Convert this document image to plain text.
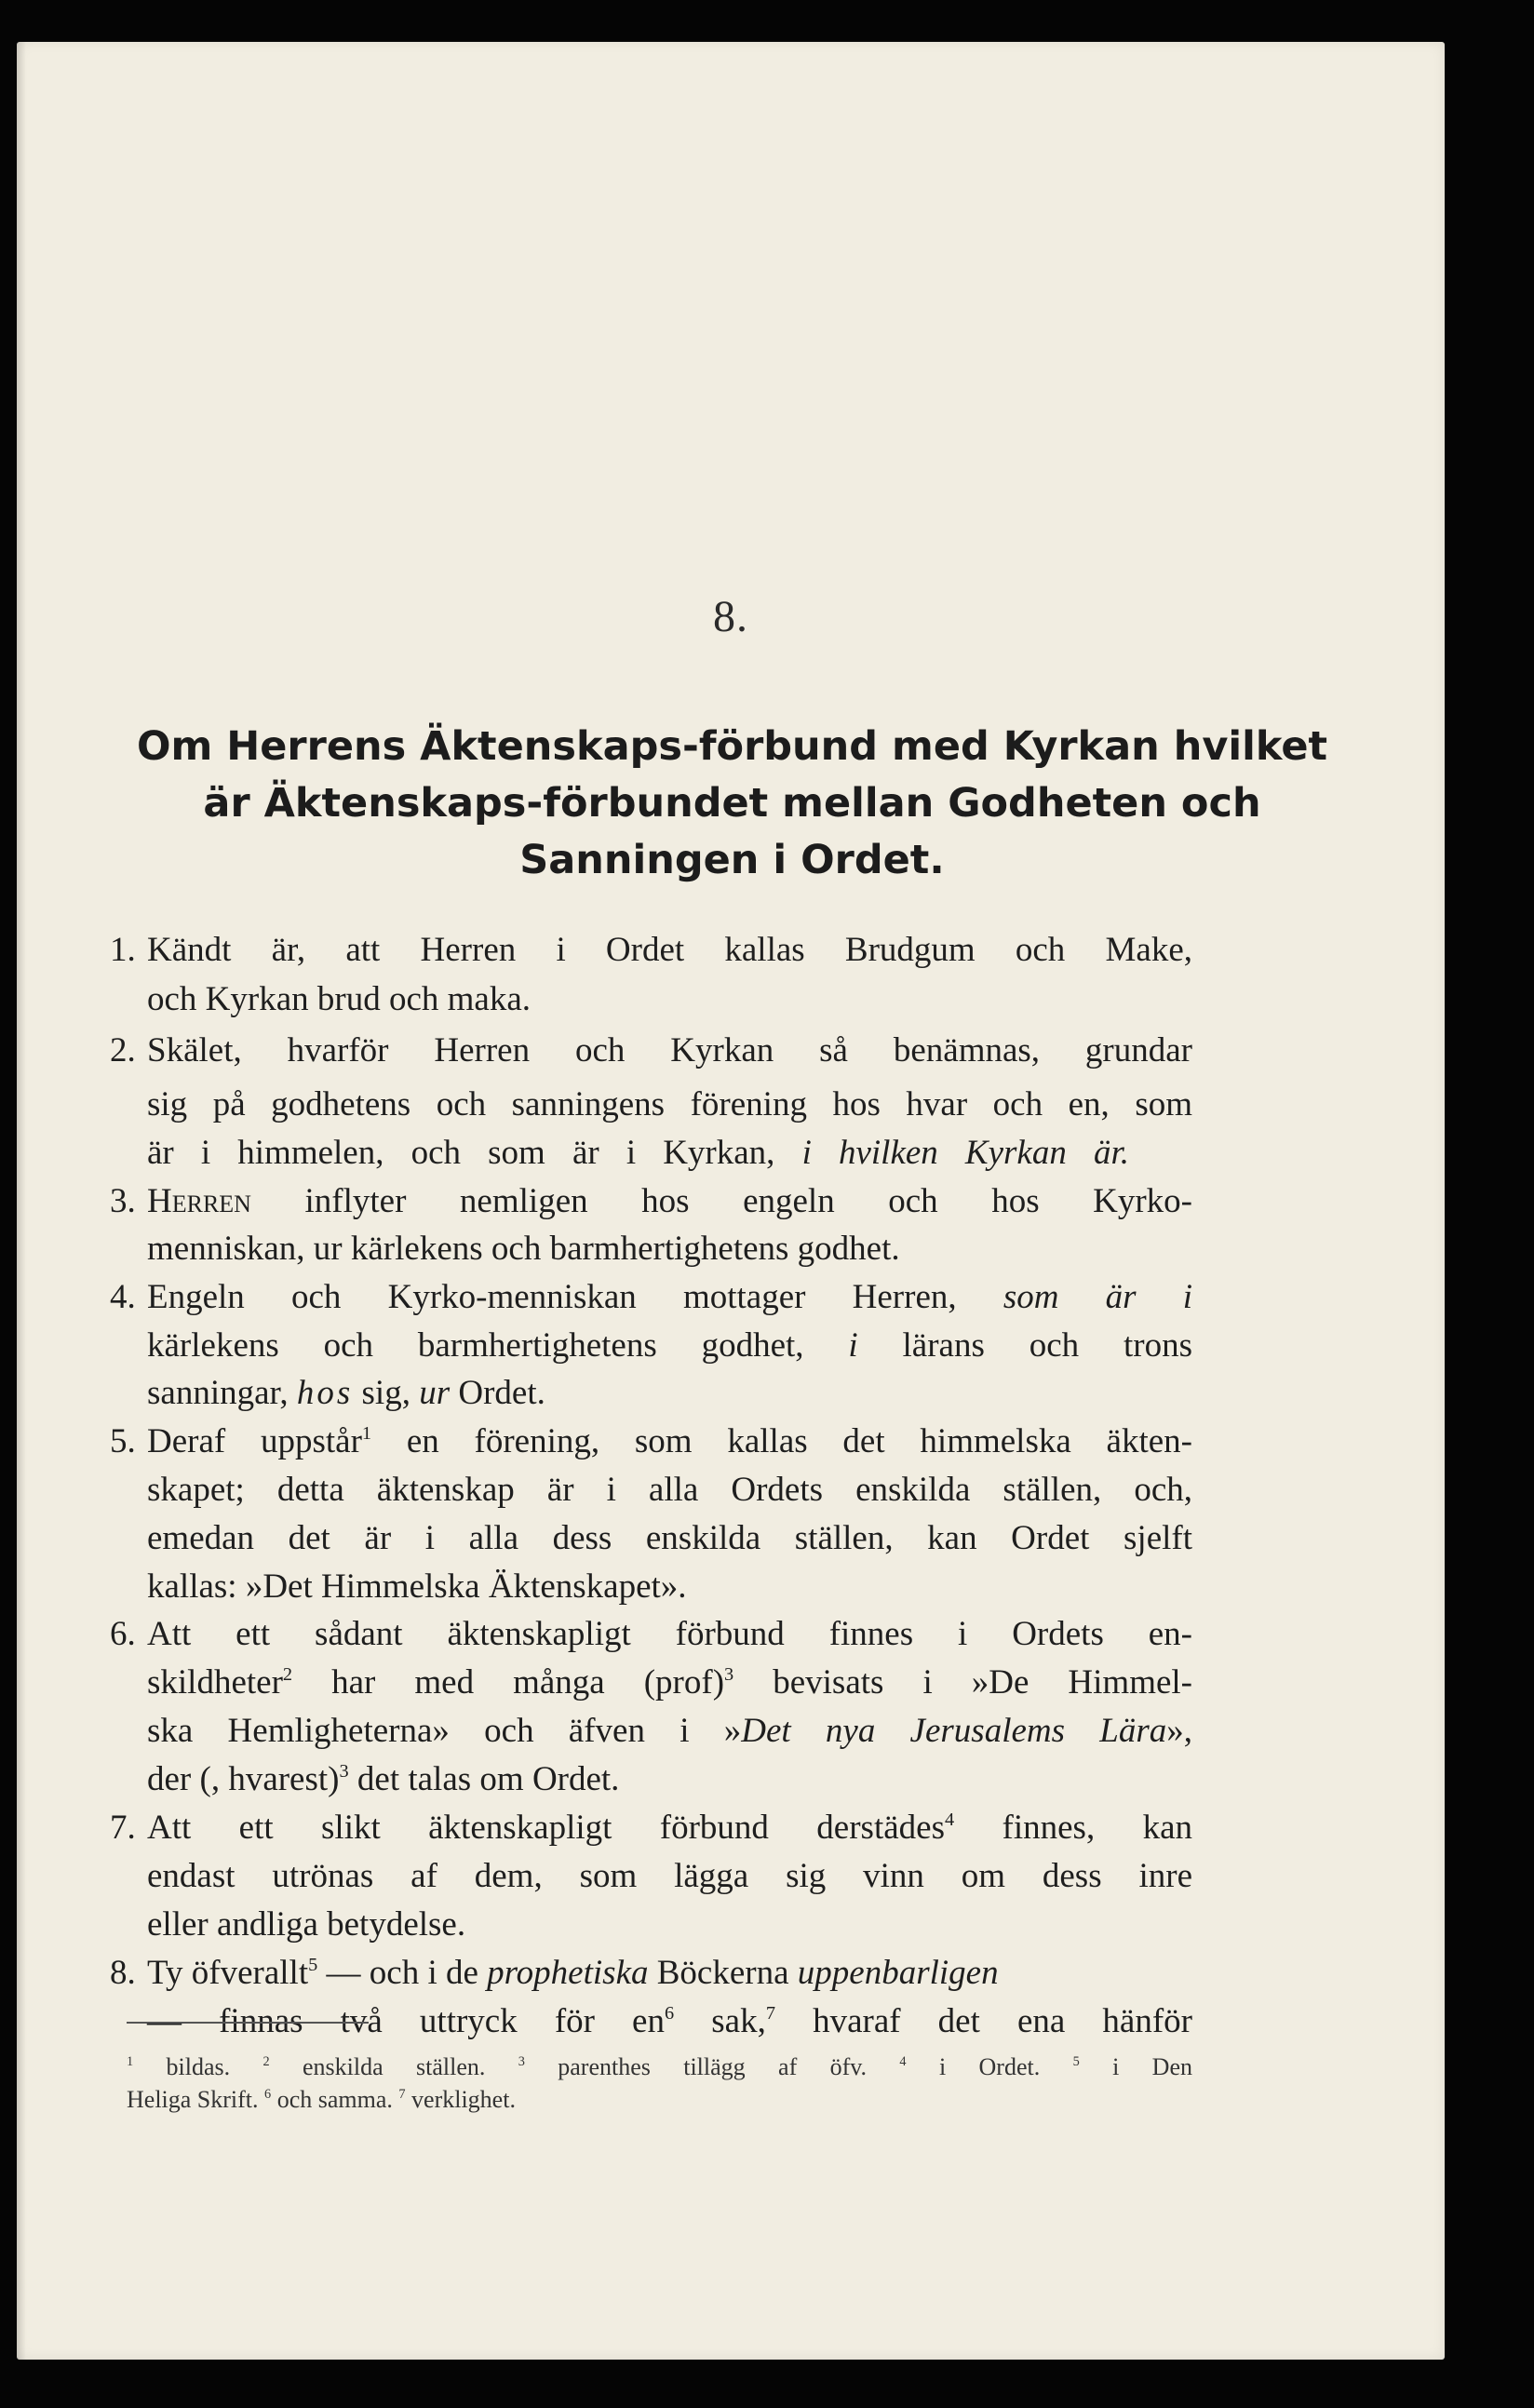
8.
Om Herrens Äktenskaps-förbund med Kyrkan hvilket
är Äktenskaps-förbundet mellan Godheten och
Sanningen i Ordet.
1. Kändt är, att Herren i Ordet kallas Brudgum och Make,
och Kyrkan brud och maka.
2. Skälet, hvarför Herren och Kyrkan så benämnas, grundar
sig på godhetens och sanningens förening hos hvar och en, som
är i himmelen, och som är i Kyrkan, i hvilken Kyrkan är.
3. Herren inflyter nemligen hos engeln och hos Kyrko-
menniskan, ur kärlekens och barmhertighetens godhet.
4. Engeln och Kyrko-menniskan mottager Herren, som är i
kärlekens och barmhertighetens godhet, i lärans och trons
sanningar, hos sig, ur Ordet.
5. Deraf uppstår$^1$ en förening, som kallas det himmelska äkten-
skapet; detta äktenskap är i alla Ordets enskilda ställen, och,
emedan det är i alla dess enskilda ställen, kan Ordet sjelft
kallas: »Det Himmelska Äktenskapet».
6. Att ett sådant äktenskapligt förbund finnes i Ordets en-
skildheter$^2$ har med många (prof)$^3$ bevisats i »De Himmel-
ska Hemligheterna» och äfven i »Det nya Jerusalems Lära»,
der (, hvarest)$^3$ det talas om Ordet.
7. Att ett slikt äktenskapligt förbund derstädes$^4$ finnes, kan
endast utrönas af dem, som lägga sig vinn om dess inre
eller andliga betydelse.
8. Ty öfverallt$^5$ — och i de prophetiska Böckerna uppenbarligen
— finnas två uttryck för $en^6$ sak,$^7$ hvaraf det ena hänför
$^1$ bildas. $^2$ enskilda ställen. $^3$ parenthes tillägg af öfv. $^4$ i Ordet. $^5$ i Den
Heliga Skrift. $^6$ och samma. $^7$ verklighet.
